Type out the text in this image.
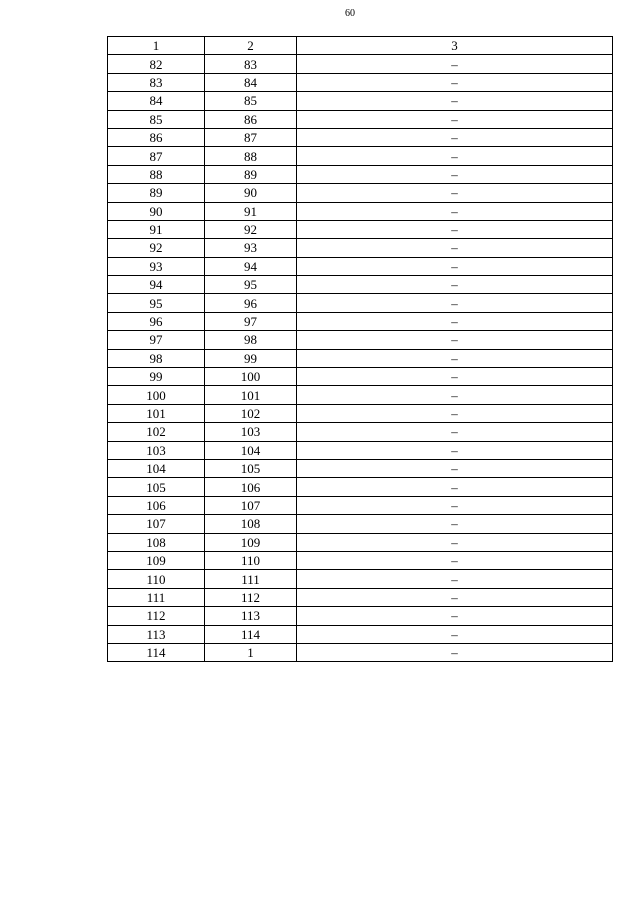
60
1	2	3
82	83	–
83	84	–
84	85	–
85	86	–
86	87	–
87	88	–
88	89	–
89	90	–
90	91	–
91	92	–
92	93	–
93	94	–
94	95	–
95	96	–
96	97	–
97	98	–
98	99	–
99	100	–
100	101	–
101	102	–
102	103	–
103	104	–
104	105	–
105	106	–
106	107	–
107	108	–
108	109	–
109	110	–
110	111	–
111	112	–
112	113	–
113	114	–
114	1	–
